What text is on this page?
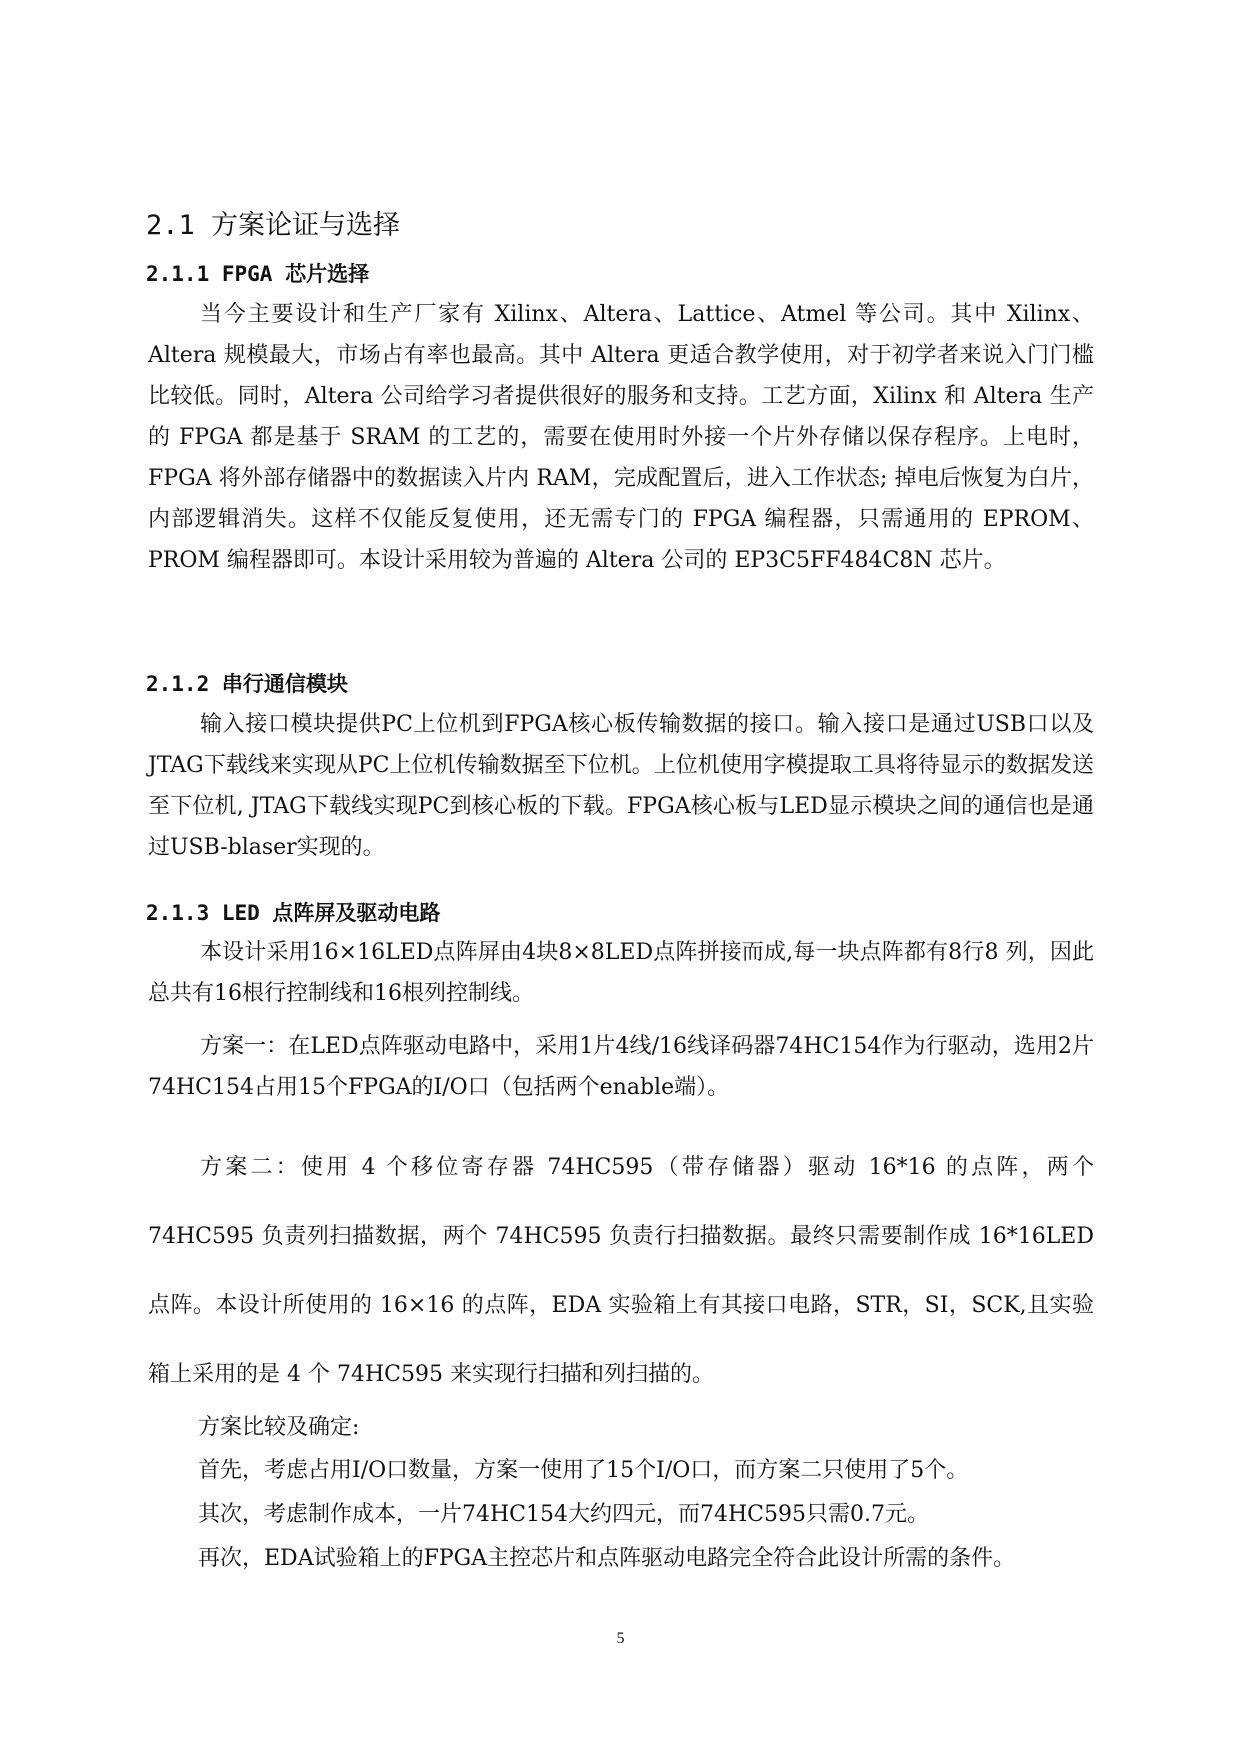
2.1 方案论证与选择
2.1.1 FPGA 芯片选择

当今主要设计和生产厂家有 Xilinx、Altera、Lattice、Atmel 等公司。其中 Xilinx、Altera 规模最大，市场占有率也最高。其中 Altera 更适合教学使用，对于初学者来说入门门槛比较低。同时，Altera 公司给学习者提供很好的服务和支持。工艺方面，Xilinx 和 Altera 生产的 FPGA 都是基于 SRAM 的工艺的，需要在使用时外接一个片外存储以保存程序。上电时，FPGA 将外部存储器中的数据读入片内 RAM，完成配置后，进入工作状态; 掉电后恢复为白片，内部逻辑消失。这样不仅能反复使用，还无需专门的 FPGA 编程器，只需通用的 EPROM、PROM 编程器即可。本设计采用较为普遍的 Altera 公司的 EP3C5FF484C8N 芯片。

2.1.2 串行通信模块

输入接口模块提供PC上位机到FPGA核心板传输数据的接口。输入接口是通过USB口以及JTAG下载线来实现从PC上位机传输数据至下位机。上位机使用字模提取工具将待显示的数据发送至下位机, JTAG下载线实现PC到核心板的下载。FPGA核心板与LED显示模块之间的通信也是通过USB-blaser实现的。

2.1.3 LED 点阵屏及驱动电路

本设计采用16×16LED点阵屏由4块8×8LED点阵拼接而成,每一块点阵都有8行8 列，因此总共有16根行控制线和16根列控制线。

方案一：在LED点阵驱动电路中，采用1片4线/16线译码器74HC154作为行驱动，选用2片74HC154占用15个FPGA的I/O口（包括两个enable端）。

方案二：使用 4 个移位寄存器 74HC595（带存储器）驱动 16*16 的点阵，两个 74HC595 负责列扫描数据，两个 74HC595 负责行扫描数据。最终只需要制作成 16*16LED 点阵。本设计所使用的 16×16 的点阵，EDA 实验箱上有其接口电路，STR，SI，SCK,且实验箱上采用的是 4 个 74HC595 来实现行扫描和列扫描的。

方案比较及确定:
首先，考虑占用I/O口数量，方案一使用了15个I/O口，而方案二只使用了5个。
其次，考虑制作成本，一片74HC154大约四元，而74HC595只需0.7元。
再次，EDA试验箱上的FPGA主控芯片和点阵驱动电路完全符合此设计所需的条件。
5
